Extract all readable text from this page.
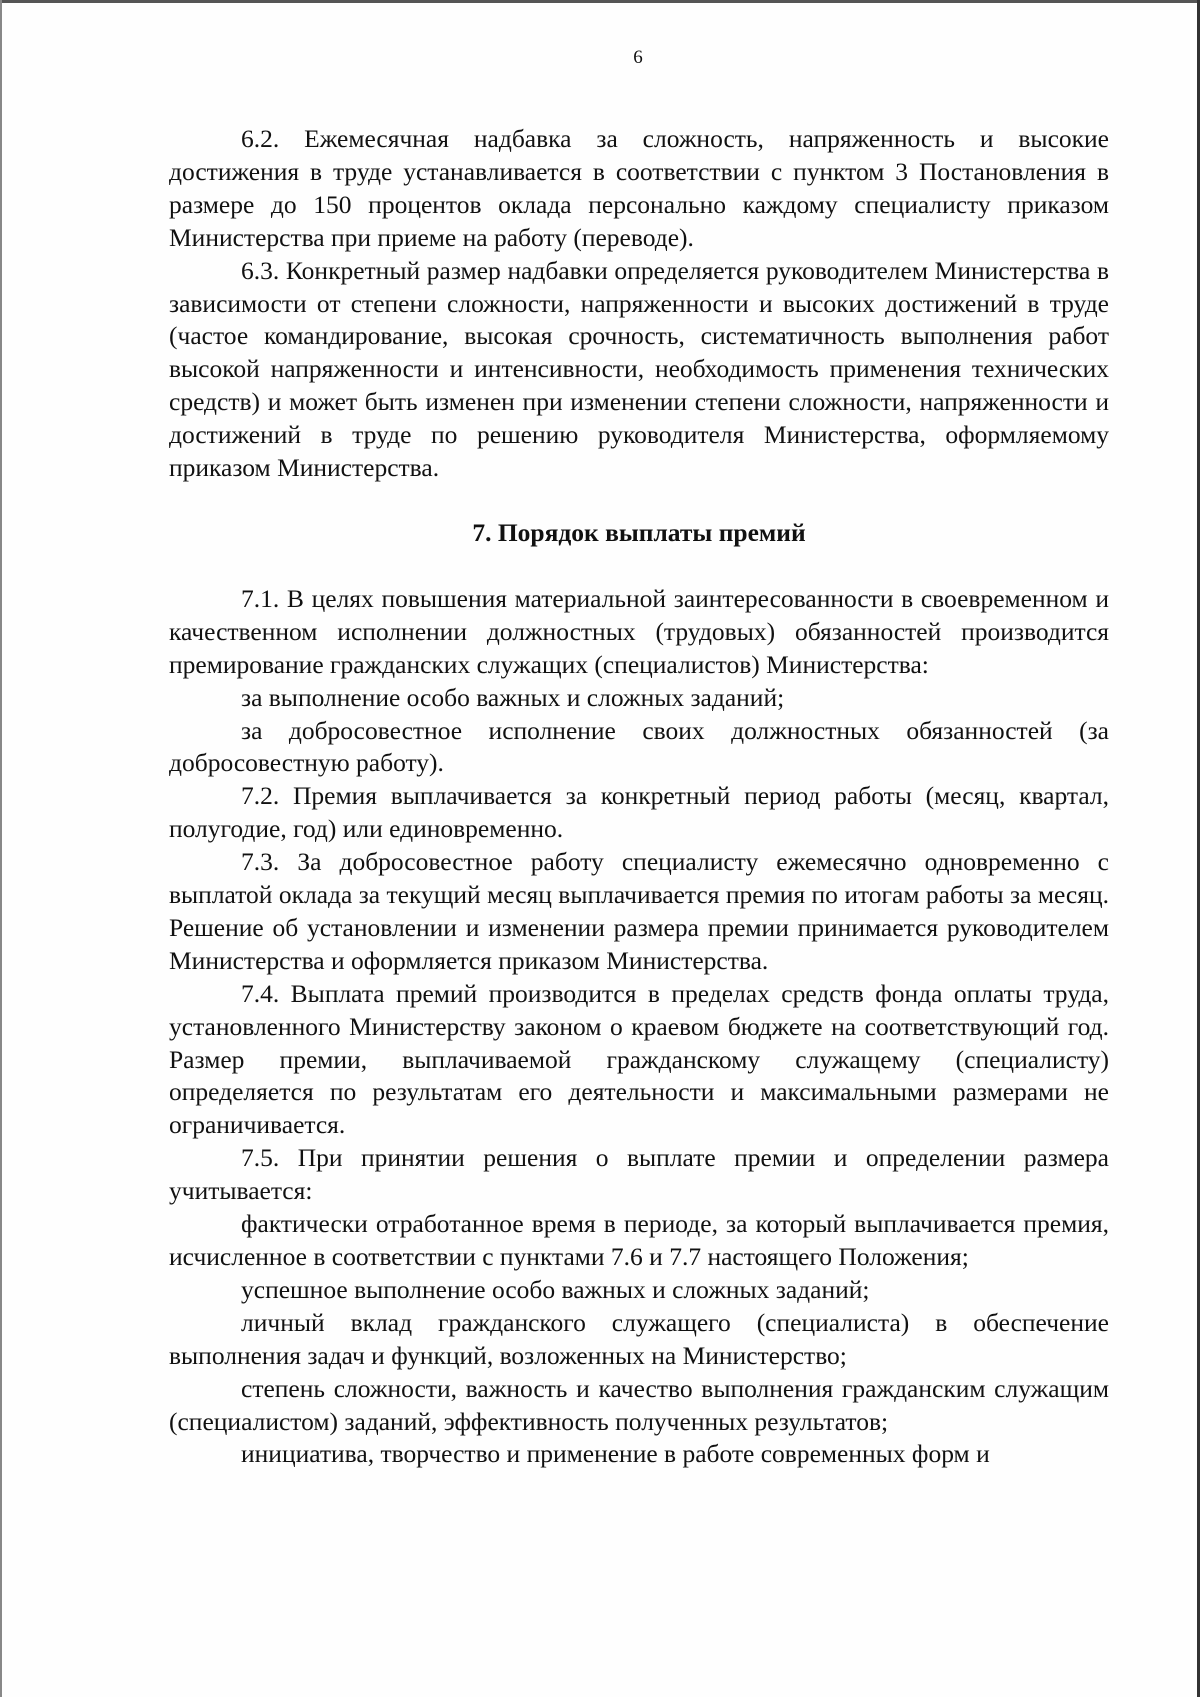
6

6.2. Ежемесячная надбавка за сложность, напряженность и высокие достижения в труде устанавливается в соответствии с пунктом 3 Постановления в размере до 150 процентов оклада персонально каждому специалисту приказом Министерства при приеме на работу (переводе).

6.3. Конкретный размер надбавки определяется руководителем Министерства в зависимости от степени сложности, напряженности и высоких достижений в труде (частое командирование, высокая срочность, систематичность выполнения работ высокой напряженности и интенсивности, необходимость применения технических средств) и может быть изменен при изменении степени сложности, напряженности и достижений в труде по решению руководителя Министерства, оформляемому приказом Министерства.

7. Порядок выплаты премий

7.1. В целях повышения материальной заинтересованности в своевременном и качественном исполнении должностных (трудовых) обязанностей производится премирование гражданских служащих (специалистов) Министерства:

за выполнение особо важных и сложных заданий;

за добросовестное исполнение своих должностных обязанностей (за добросовестную работу).

7.2. Премия выплачивается за конкретный период работы (месяц, квартал, полугодие, год) или единовременно.

7.3. За добросовестное работу специалисту ежемесячно одновременно с выплатой оклада за текущий месяц выплачивается премия по итогам работы за месяц. Решение об установлении и изменении размера премии принимается руководителем Министерства и оформляется приказом Министерства.

7.4. Выплата премий производится в пределах средств фонда оплаты труда, установленного Министерству законом о краевом бюджете на соответствующий год. Размер премии, выплачиваемой гражданскому служащему (специалисту) определяется по результатам его деятельности и максимальными размерами не ограничивается.

7.5. При принятии решения о выплате премии и определении размера учитывается:

фактически отработанное время в периоде, за который выплачивается премия, исчисленное в соответствии с пунктами 7.6 и 7.7 настоящего Положения;

успешное выполнение особо важных и сложных заданий;

личный вклад гражданского служащего (специалиста) в обеспечение выполнения задач и функций, возложенных на Министерство;

степень сложности, важность и качество выполнения гражданским служащим (специалистом) заданий, эффективность полученных результатов;

инициатива, творчество и применение в работе современных форм и
